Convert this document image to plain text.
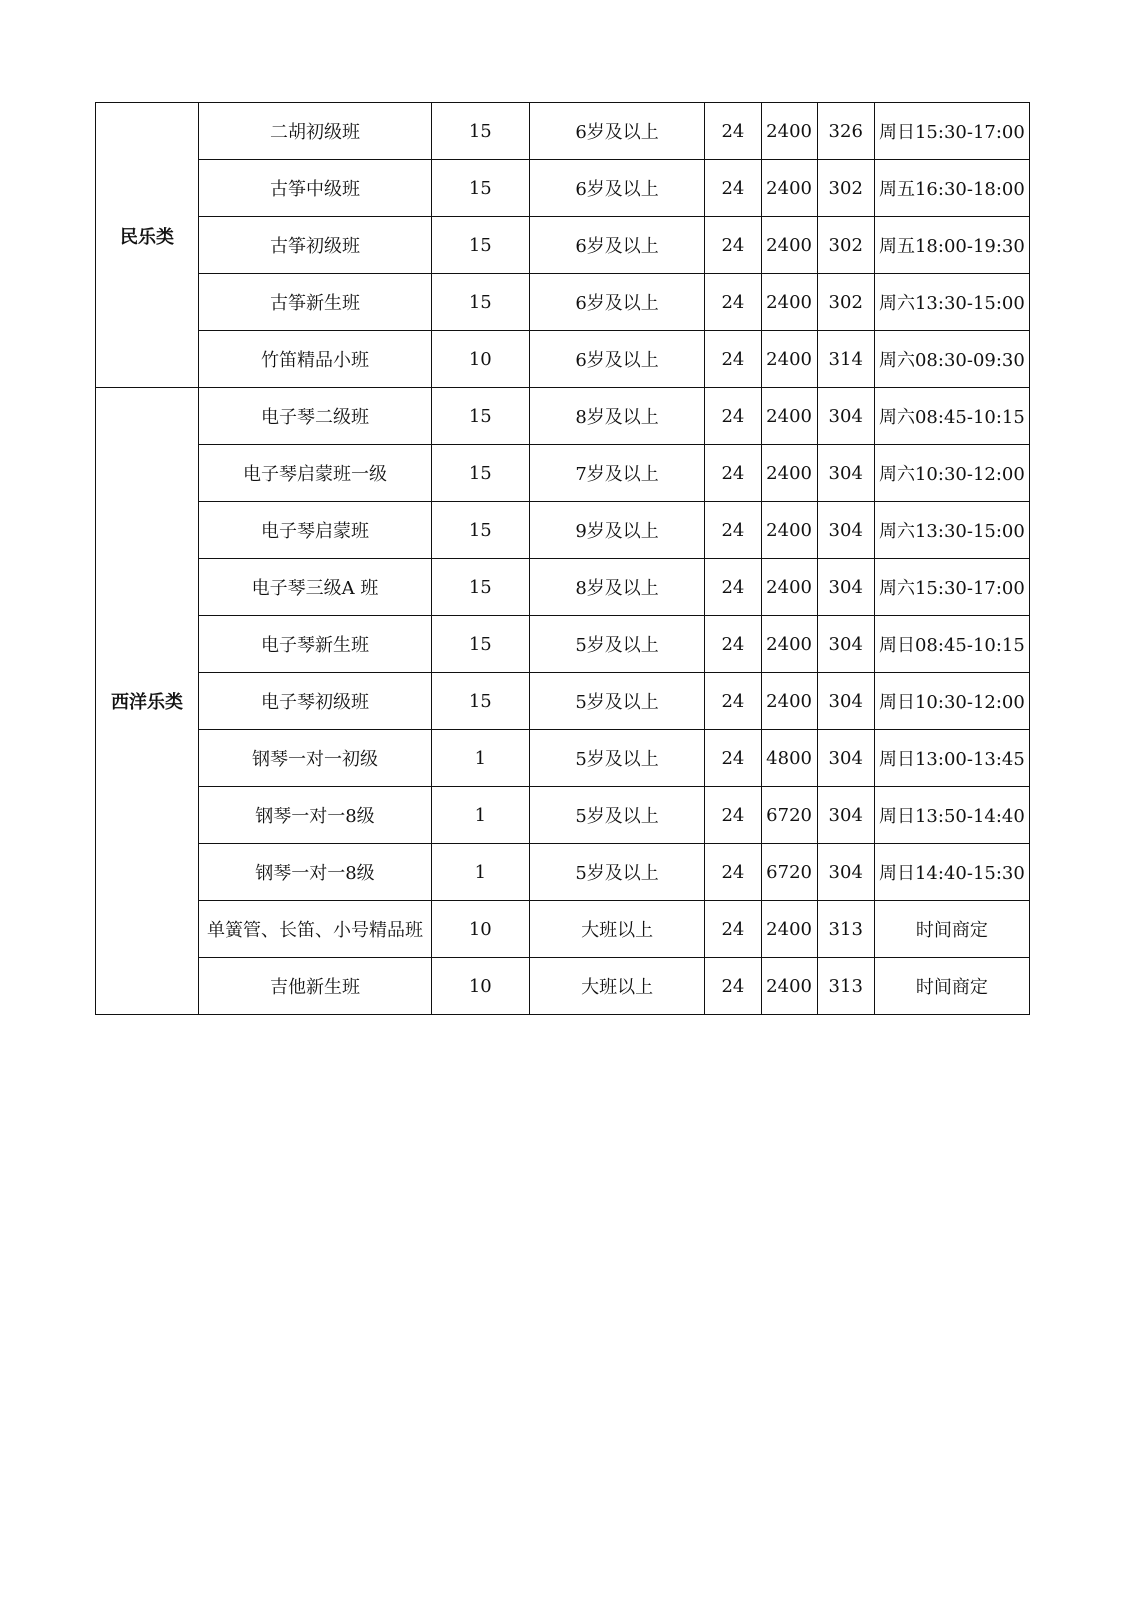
民乐类	二胡初级班	15	6岁及以上	24	2400	326	周日15:30-17:00
	古筝中级班	15	6岁及以上	24	2400	302	周五16:30-18:00
	古筝初级班	15	6岁及以上	24	2400	302	周五18:00-19:30
	古筝新生班	15	6岁及以上	24	2400	302	周六13:30-15:00
	竹笛精品小班	10	6岁及以上	24	2400	314	周六08:30-09:30
西洋乐类	电子琴二级班	15	8岁及以上	24	2400	304	周六08:45-10:15
	电子琴启蒙班一级	15	7岁及以上	24	2400	304	周六10:30-12:00
	电子琴启蒙班	15	9岁及以上	24	2400	304	周六13:30-15:00
	电子琴三级A 班	15	8岁及以上	24	2400	304	周六15:30-17:00
	电子琴新生班	15	5岁及以上	24	2400	304	周日08:45-10:15
	电子琴初级班	15	5岁及以上	24	2400	304	周日10:30-12:00
	钢琴一对一初级	1	5岁及以上	24	4800	304	周日13:00-13:45
	钢琴一对一8级	1	5岁及以上	24	6720	304	周日13:50-14:40
	钢琴一对一8级	1	5岁及以上	24	6720	304	周日14:40-15:30
	单簧管、长笛、小号精品班	10	大班以上	24	2400	313	时间商定
	吉他新生班	10	大班以上	24	2400	313	时间商定
